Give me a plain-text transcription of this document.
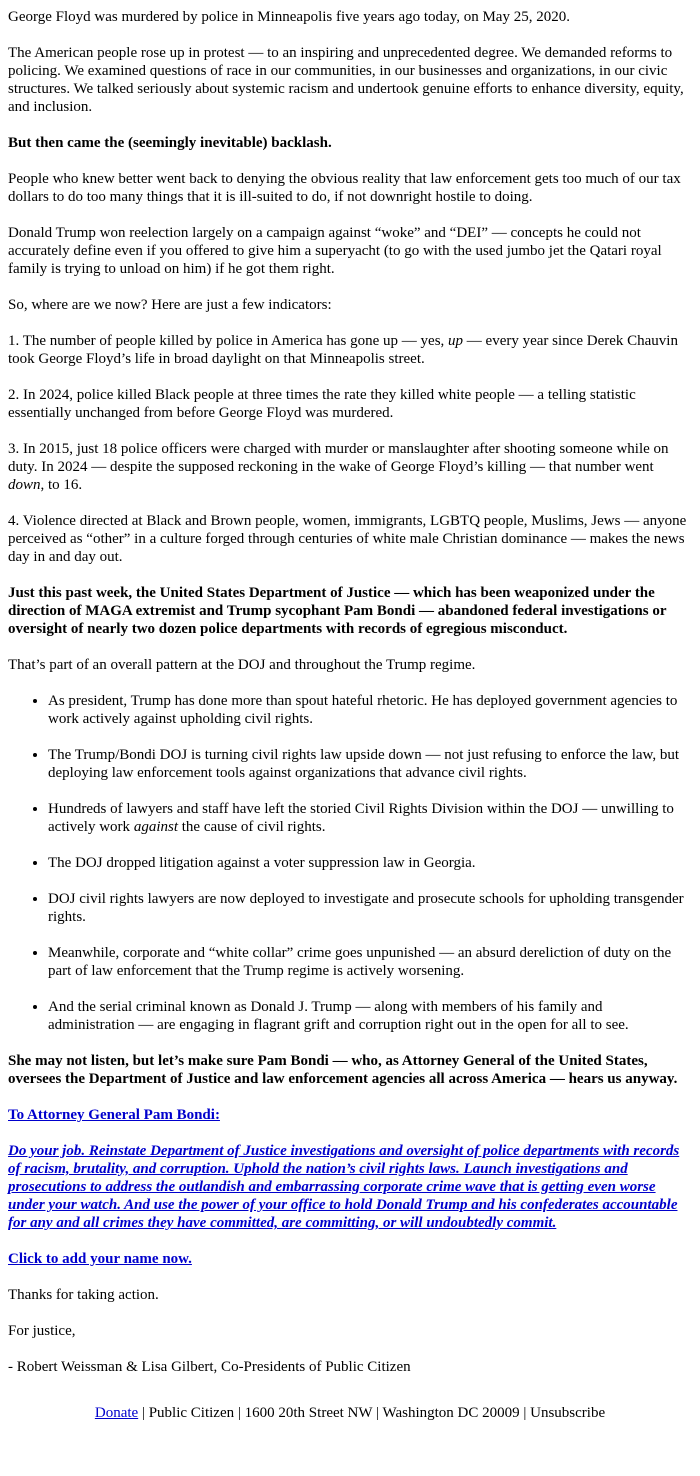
George Floyd was murdered by police in Minneapolis five years ago today, on May 25, 2020.

The American people rose up in protest — to an inspiring and unprecedented degree. We demanded reforms to policing. We examined questions of race in our communities, in our businesses and organizations, in our civic structures. We talked seriously about systemic racism and undertook genuine efforts to enhance diversity, equity, and inclusion.

But then came the (seemingly inevitable) backlash.

People who knew better went back to denying the obvious reality that law enforcement gets too much of our tax dollars to do too many things that it is ill-suited to do, if not downright hostile to doing.

Donald Trump won reelection largely on a campaign against “woke” and “DEI” — concepts he could not accurately define even if you offered to give him a superyacht (to go with the used jumbo jet the Qatari royal family is trying to unload on him) if he got them right.

So, where are we now? Here are just a few indicators:

1. The number of people killed by police in America has gone up — yes, up — every year since Derek Chauvin took George Floyd’s life in broad daylight on that Minneapolis street.

2. In 2024, police killed Black people at three times the rate they killed white people — a telling statistic essentially unchanged from before George Floyd was murdered.

3. In 2015, just 18 police officers were charged with murder or manslaughter after shooting someone while on duty. In 2024 — despite the supposed reckoning in the wake of George Floyd’s killing — that number went down, to 16.

4. Violence directed at Black and Brown people, women, immigrants, LGBTQ people, Muslims, Jews — anyone perceived as “other” in a culture forged through centuries of white male Christian dominance — makes the news day in and day out.

Just this past week, the United States Department of Justice — which has been weaponized under the direction of MAGA extremist and Trump sycophant Pam Bondi — abandoned federal investigations or oversight of nearly two dozen police departments with records of egregious misconduct.

That’s part of an overall pattern at the DOJ and throughout the Trump regime.

• As president, Trump has done more than spout hateful rhetoric. He has deployed government agencies to work actively against upholding civil rights.
• The Trump/Bondi DOJ is turning civil rights law upside down — not just refusing to enforce the law, but deploying law enforcement tools against organizations that advance civil rights.
• Hundreds of lawyers and staff have left the storied Civil Rights Division within the DOJ — unwilling to actively work against the cause of civil rights.
• The DOJ dropped litigation against a voter suppression law in Georgia.
• DOJ civil rights lawyers are now deployed to investigate and prosecute schools for upholding transgender rights.
• Meanwhile, corporate and “white collar” crime goes unpunished — an absurd dereliction of duty on the part of law enforcement that the Trump regime is actively worsening.
• And the serial criminal known as Donald J. Trump — along with members of his family and administration — are engaging in flagrant grift and corruption right out in the open for all to see.

She may not listen, but let’s make sure Pam Bondi — who, as Attorney General of the United States, oversees the Department of Justice and law enforcement agencies all across America — hears us anyway.

To Attorney General Pam Bondi:

Do your job. Reinstate Department of Justice investigations and oversight of police departments with records of racism, brutality, and corruption. Uphold the nation’s civil rights laws. Launch investigations and prosecutions to address the outlandish and embarrassing corporate crime wave that is getting even worse under your watch. And use the power of your office to hold Donald Trump and his confederates accountable for any and all crimes they have committed, are committing, or will undoubtedly commit.

Click to add your name now.

Thanks for taking action.

For justice,

- Robert Weissman & Lisa Gilbert, Co-Presidents of Public Citizen

Donate | Public Citizen | 1600 20th Street NW | Washington DC 20009 | Unsubscribe
